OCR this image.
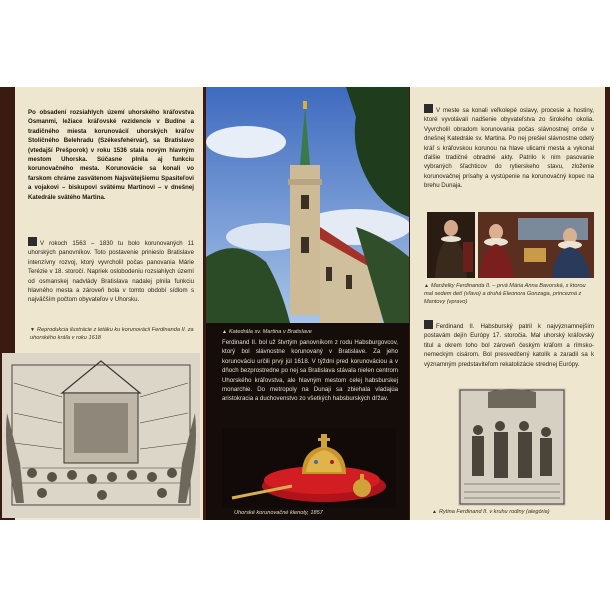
Po obsadení rozsiahlych území uhorského kráľovstva Osmanmi, ležiace kráľovské rezidencie v Budíne a tradičného miesta korunovácií uhorských kráľov Stoličného Belehradu (Székesfehérvár), sa Bratislavo (vtedajší Prešporok) v roku 1536 stala novým hlavným mestom Uhorska. Súčasne plnila aj funkciu korunovačného mesta. Korunovácie sa konali vo farskom chráme zasvätenom Najsvätejšiemu Spasiteľovi a vojakovi – biskupovi svätému Martinovi – v dnešnej Katedrále svätého Martina.

V rokoch 1563 – 1830 tu bolo korunovaných 11 uhorských panovníkov. Toto postavenie prinieslo Bratislave intenzívny rozvoj, ktorý vyvrcholil počas panovania Márie Terézie v 18. storočí. Napriek oslobodeniu rozsiahlych území od osmanskej nadvlády Bratislava nadalej plnila funkciu hlavného mesta a zároveň bola v tomto období sídlom s najväčším počtom obyvateľov v Uhorsku.

▼ Reprodukcia ilustrácie z letáku ku korunovácii Ferdinanda II. za uhorského kráľa v roku 1618

▲ Katedrála sv. Martina v Bratislave

Ferdinand II. bol už štvrtým panovníkom z rodu Habsburgovcov, ktorý bol slávnostne korunovaný v Bratislave. Za jeho korunováciu určili prvý júl 1618. V týždni pred korunováciou a v dňoch bezprostredne po nej sa Bratislava stávala nielen centrom Uhorského kráľovstva, ale hlavným mestom celej habsburskej monarchie. Do metropoly na Dunaji sa zbiehala vladajúa aristokracia a duchovenstvo zo všetkých habsburských dŕžav.

Uhorské korunovačné klenoty, 1857

V meste sa konali veľkolepé oslavy, procesie a hostiny, ktoré vyvolávali nadšenie obyvateľstva zo širokého okolia. Vyvrcholil obradom korunovania počas slávnostnej omše v dnešnej Katedrále sv. Martina. Po nej prešiel slávnostne odetý kráľ s kráľovskou korunou na hlave ulicami mesta a vykonal ďalšie tradičné obradné akty. Patrilo k nim pasovanie vybraných šľachticov do rytierskeho stavu, zloženie korunovačnej prísahy a vystúpenie na korunovačný kopec na brehu Dunaja.

▲ Manželky Ferdinanda II. – prvá Mária Anna Bavorská, s ktorou mal sedem detí (vľavo) a druhá Eleonora Gonzaga, princezná z Mantovy (vpravo)

Ferdinand II. Habsburský patril k najvýznamnejším postavám dejín Európy 17. storočia. Mal uhorský kráľovský titul a okrem toho bol zároveň českým kráľom a rímsko-nemeckým cisárom. Bol presvedčený katolík a zaradil sa k významným predstaviteľom rekatolizácie strednej Európy.

▲ Rytina Ferdinand II. v kruhu rodiny (alegória)
